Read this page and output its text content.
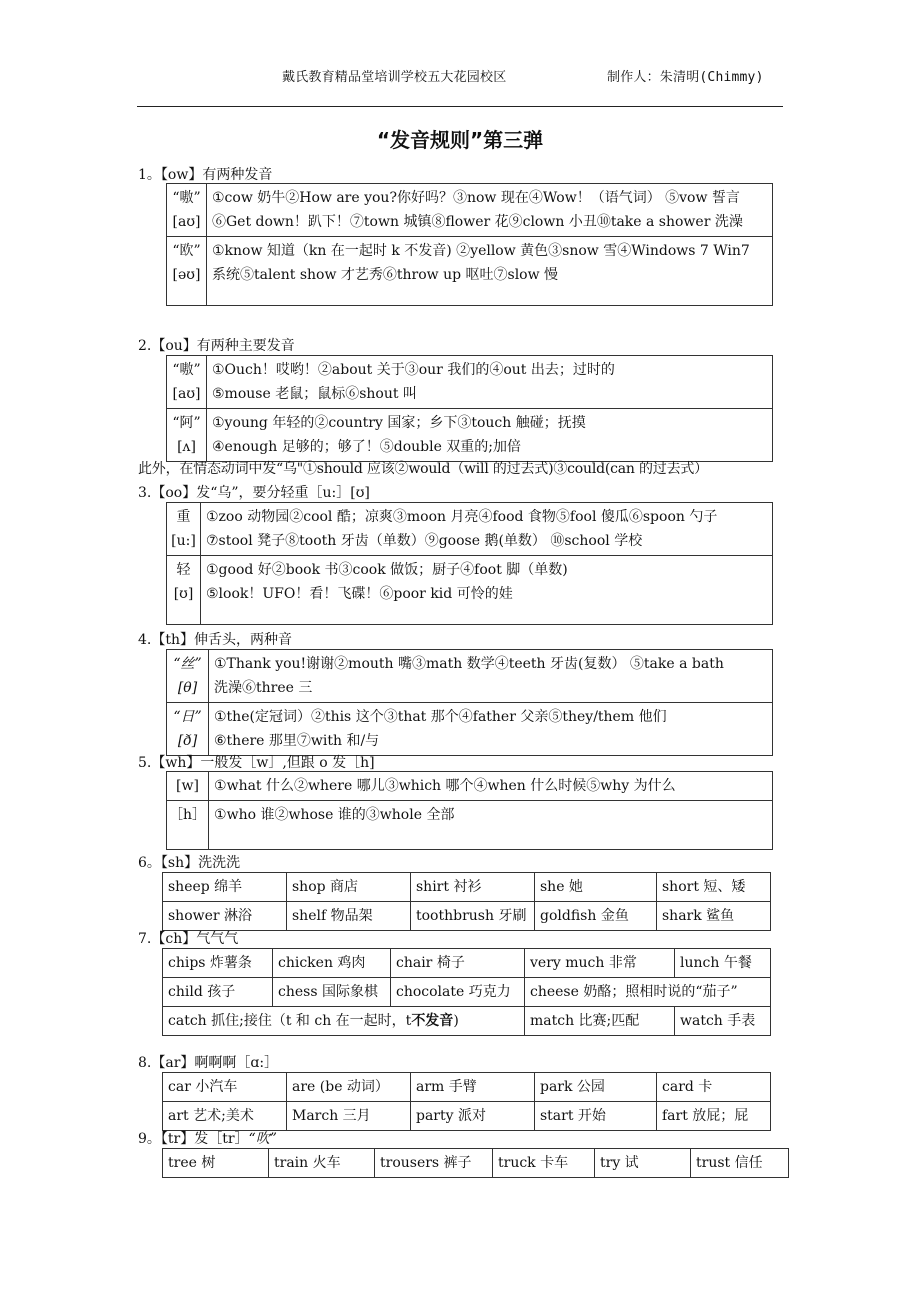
戴氏教育精品堂培训学校五大花园校区	制作人：朱清明(Chimmy)
“发音规则”第三弹
1。【ow】有两种发音
“嗷” [aʊ]	①cow 奶牛②How are you?你好吗？③now 现在④Wow！（语气词） ⑤vow 誓言⑥Get down！趴下！⑦town 城镇⑧flower 花⑨clown 小丑⑩take a shower 洗澡
“欧” [əʊ]	①know 知道（kn 在一起时 k 不发音) ②yellow 黄色③snow 雪④Windows 7 Win7 系统⑤talent show 才艺秀⑥throw up 呕吐⑦slow 慢
2.【ou】有两种主要发音
“嗷” [aʊ]	①Ouch！哎哟！②about 关于③our 我们的④out 出去；过时的
⑤mouse 老鼠；鼠标⑥shout 叫

“阿” [ʌ]	①young 年轻的②country 国家；乡下③touch 触碰；抚摸
④enough 足够的；够了！⑤double 双重的;加倍
此外，在情态动词中发“乌"①should 应该②would（will 的过去式)③could(can 的过去式）
3.【oo】发“乌”，要分轻重［u:］[ʊ]
重 [u:]	①zoo 动物园②cool 酷；凉爽③moon 月亮④food 食物⑤fool 傻瓜⑥spoon 勺子
⑦stool 凳子⑧tooth 牙齿（单数）⑨goose 鹅(单数） ⑩school 学校

轻 [ʊ]	①good 好②book 书③cook 做饭；厨子④foot 脚（单数)
⑤look！UFO！看！飞碟！⑥poor kid 可怜的娃
4.【th】伸舌头，两种音
“丝” [θ]	①Thank you!谢谢②mouth 嘴③math 数学④teeth 牙齿(复数） ⑤take a bath
洗澡⑥three 三

“日” [ð]	①the(定冠词）②this 这个③that 那个④father 父亲⑤they/them 他们
⑥there 那里⑦with 和/与
5.【wh】一般发［w］,但跟 o 发［h]
[w]	①what 什么②where 哪儿③which 哪个④when 什么时候⑤why 为什么
［h］	①who 谁②whose 谁的③whole 全部
6。【sh】洗洗洗
sheep 绵羊	shop 商店	shirt 衬衫	she 她	short 短、矮
shower 淋浴	shelf 物品架	toothbrush 牙刷	goldfish 金鱼	shark 鲨鱼
7.【ch】气气气
chips 炸薯条	chicken 鸡肉	chair 椅子	very much 非常	lunch 午餐
child 孩子	chess 国际象棋	chocolate 巧克力	cheese 奶酪；照相时说的“茄子”	
catch 抓住;接住（t 和 ch 在一起时，t不发音)			match 比赛;匹配	watch 手表
8.【ar】啊啊啊［ɑ:］
car 小汽车	are (be 动词）	arm 手臂	park 公园	card 卡
art 艺术;美术	March 三月	party 派对	start 开始	fart 放屁；屁
9。【tr】发［tr］“吹”
tree 树	train 火车	trousers 裤子	truck 卡车	try 试	trust 信任
